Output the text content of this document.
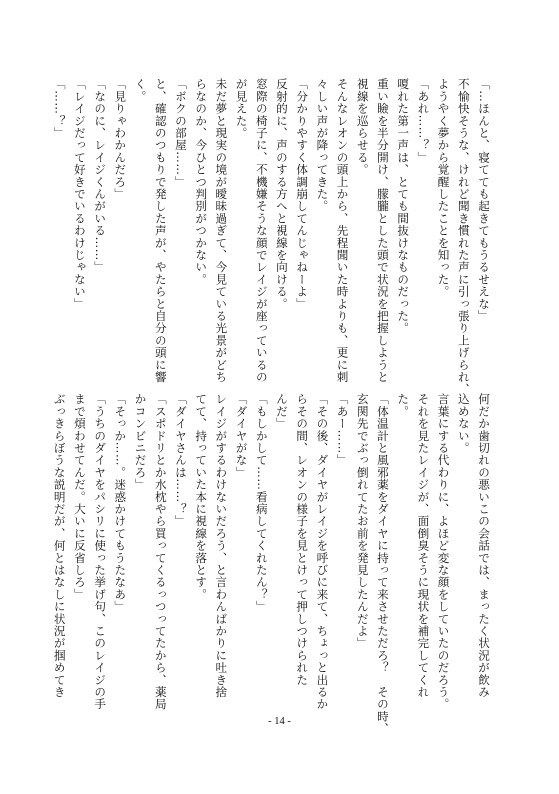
「…ほんと、寝てても起きてもうるせえな」
不愉快そうな、けれど聞き慣れた声に引っ張り上げられ、
ようやく夢から覚醒したことを知った。
「あれ……？」
嗄れた第一声は、とても間抜けなものだった。
重い瞼を半分開け、朦朧とした頭で状況を把握しようと
視線を巡らせる。
そんなレオンの頭上から、先程聞いた時よりも、更に刺
々しい声が降ってきた。
「分かりやすく体調崩してんじゃねーよ」
反射的に、声のする方へと視線を向ける。
窓際の椅子に、不機嫌そうな顔でレイジが座っているの
が見えた。
未だ夢と現実の境が曖昧過ぎて、今見ている光景がどち
らなのか、今ひとつ判別がつかない。
「ボクの部屋……」
と、確認のつもりで発した声が、やたらと自分の頭に響
く。
「見りゃわかんだろ」
「なのに、レイジくんがいる……」
「レイジだって好きでいるわけじゃない」
「……？」
何だか歯切れの悪いこの会話では、まったく状況が飲み
込めない。
言葉にする代わりに、よほど変な顔をしていたのだろう。
それを見たレイジが、面倒臭そうに現状を補完してくれ
た。
「体温計と風邪薬をダイヤに持って来させただろ？　その時、
玄関先でぶっ倒れてたお前を発見したんだよ」
「あー……」
「その後、ダイヤがレイジを呼びに来て、ちょっと出るか
らその間、レオンの様子を見とけって押しつけられた
んだ」
「もしかして……看病してくれたん？」
「ダイヤがな」
レイジがするわけないだろう、と言わんばかりに吐き捨
てて、持っていた本に視線を落とす。
「ダイヤさんは……？」
「スポドリとか水枕やら買ってくるっつってたから、薬局
かコンビニだろ」
「そっか……。迷惑かけてもうたなあ」
「うちのダイヤをパシリに使った挙げ句、このレイジの手
まで煩わせてんだ。大いに反省しろ」
ぶっきらぼうな説明だが、何とはなしに状況が掴めてき
- 14 -
